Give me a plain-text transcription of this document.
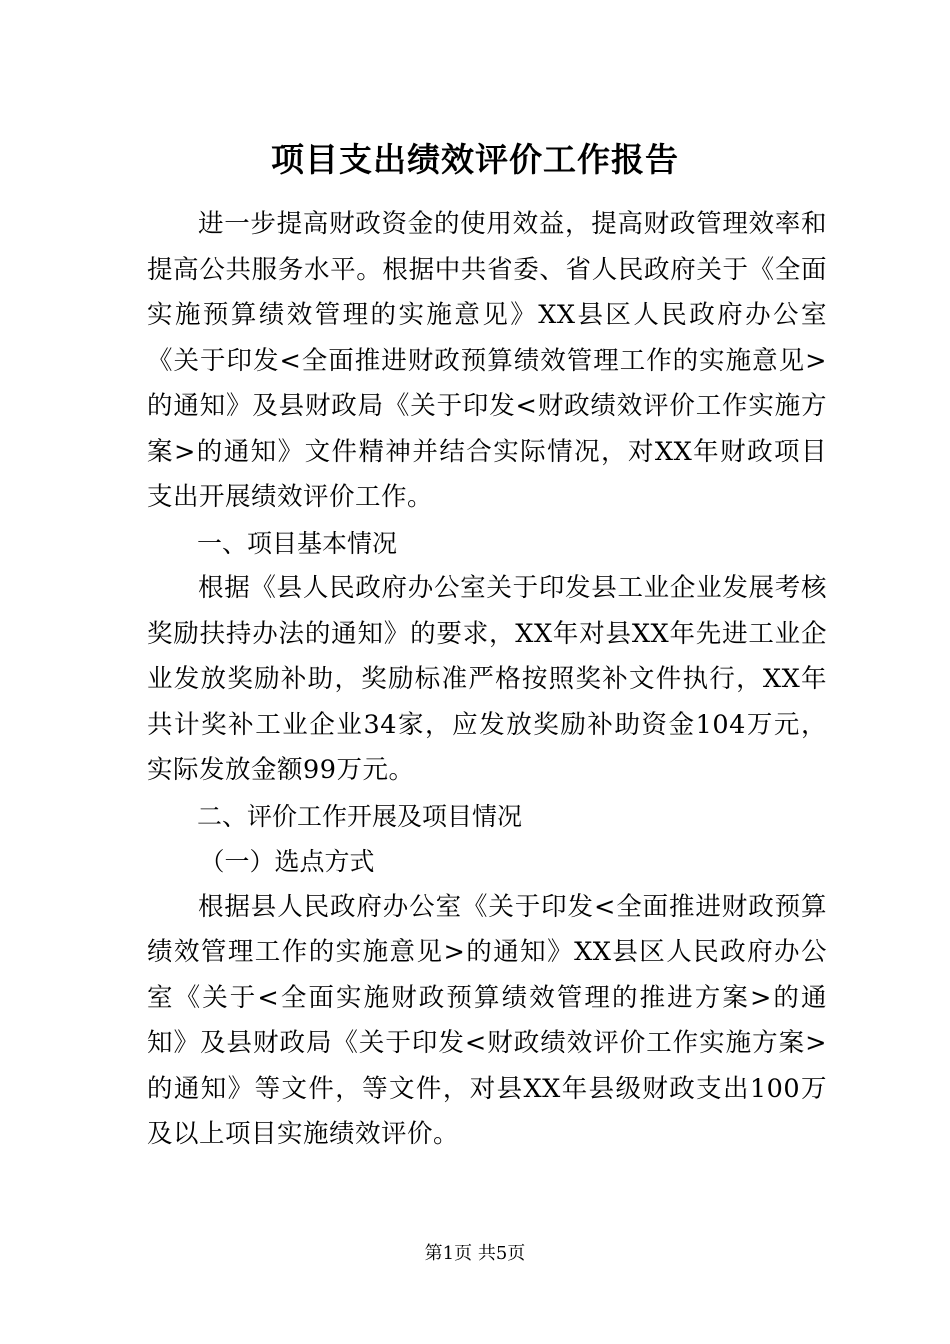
项目支出绩效评价工作报告

进一步提高财政资金的使用效益，提高财政管理效率和提高公共服务水平。根据中共省委、省人民政府关于《全面实施预算绩效管理的实施意见》XX县区人民政府办公室《关于印发<全面推进财政预算绩效管理工作的实施意见>的通知》及县财政局《关于印发<财政绩效评价工作实施方案>的通知》文件精神并结合实际情况，对XX年财政项目支出开展绩效评价工作。

一、项目基本情况

根据《县人民政府办公室关于印发县工业企业发展考核奖励扶持办法的通知》的要求，XX年对县XX年先进工业企业发放奖励补助，奖励标准严格按照奖补文件执行，XX年共计奖补工业企业34家，应发放奖励补助资金104万元，实际发放金额99万元。

二、评价工作开展及项目情况

（一）选点方式

根据县人民政府办公室《关于印发<全面推进财政预算绩效管理工作的实施意见>的通知》XX县区人民政府办公室《关于<全面实施财政预算绩效管理的推进方案>的通知》及县财政局《关于印发<财政绩效评价工作实施方案>的通知》等文件，等文件，对县XX年县级财政支出100万及以上项目实施绩效评价。

第1页 共5页
